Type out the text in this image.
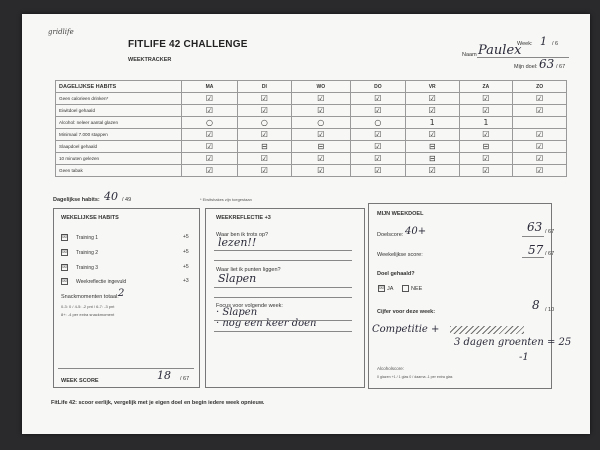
gridlife
FITLIFE 42 CHALLENGE
WEEKTRACKER
Week: 1 / 6
Naam Paulex
Mijn doel: 63 / 67
DAGELIJKSE HABITS	MA	DI	WO	DO	VR	ZA	ZO
Geen calorieen drinken*	☑	☑	☑	☑	☑	☑	☑
Eiwitdoel gehaald	☑	☑	☑	☑	☑	☑	☑
Alcohol: neleer aantal glazen	○	○	○	○	1	1	
Minimaal 7.000 stappen	☑	☑	☑	☑	☑	☑	☑
Slaapdoel gehaald	☑	⊟	⊟	☑	⊟	⊟	☑
10 minuten gelezen	☑	☑	☑	☑	⊟	☑	☑
Geen tabak	☑	☑	☑	☑	☑	☑	☑
Dagelijkse habits: 40 / 49	* Eiwitshakes zijn toegestaan
WEKELIJKSE HABITS
☒ Training 1	+5
☒ Training 2	+5
☒ Training 3	+5
☒ Weekreflectie ingevuld	+3
Snackmomenten totaal: 2
0-3: 0 / 4-5: -2 pnt / 6-7: -3 pnt
8+: -4 per extra snackmoment
WEEK SCORE	18 / 67
WEEKREFLECTIE +3
Waar ben ik trots op?
lezen!!
Waar liet ik punten liggen?
Slapen
Focus voor volgende week:
· Slapen
· nog een keer doen
MIJN WEEKDOEL
Doelscore: 40+	63 / 67
Weekelijkse score:	57 / 67
Doel gehaald?
☒ JA	NEE
Cijfer voor deze week:	8 / 10
Competitie +
3 dagen groenten = 25
-1
Alcoholscore:
0 glazen +1 / 1 glas 0 / daarna -1 per extra glas
FitLife 42: scoor eerlijk, vergelijk met je eigen doel en begin iedere week opnieuw.
